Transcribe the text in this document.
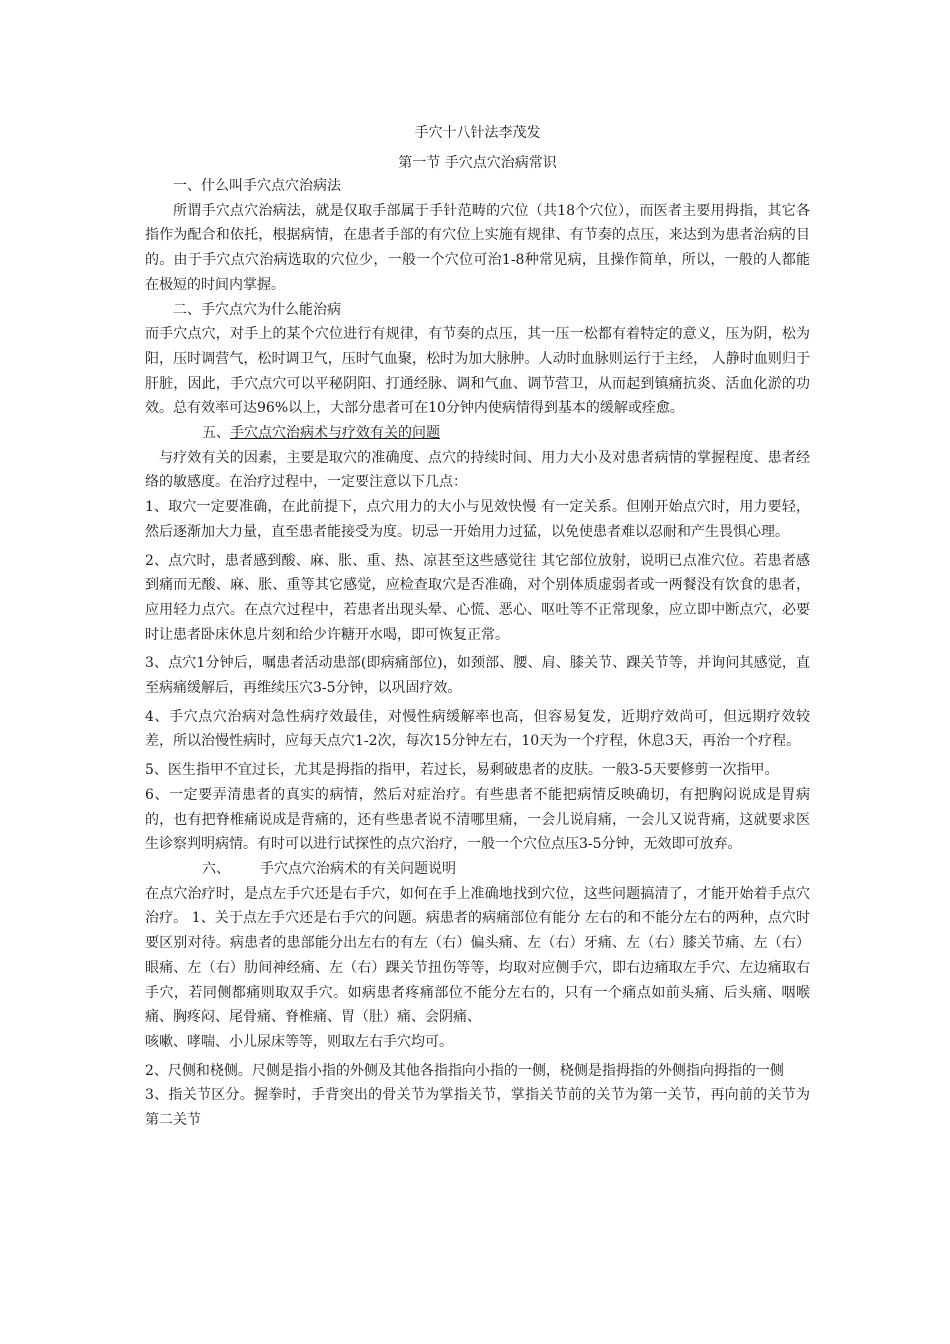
手穴十八针法李茂发

第一节 手穴点穴治病常识

一、什么叫手穴点穴治病法

所谓手穴点穴治病法，就是仅取手部属于手针范畴的穴位（共18个穴位），而医者主要用拇指，其它各指作为配合和依托，根据病情，在患者手部的有穴位上实施有规律、有节奏的点压，来达到为患者治病的目的。由于手穴点穴治病选取的穴位少，一般一个穴位可治1-8种常见病，且操作简单，所以，一般的人都能在极短的时间内掌握。

二、手穴点穴为什么能治病

而手穴点穴，对手上的某个穴位进行有规律，有节奏的点压，其一压一松都有着特定的意义，压为阴，松为阳，压时调营气，松时调卫气，压时气血聚，松时为加大脉肿。人动时血脉则运行于主经， 人静时血则归于肝脏，因此，手穴点穴可以平秘阴阳、打通经脉、调和气血、调节营卫，从而起到镇痛抗炎、活血化淤的功效。总有效率可达96%以上，大部分患者可在10分钟内使病情得到基本的缓解或痊愈。

五、手穴点穴治病术与疗效有关的问题

与疗效有关的因素，主要是取穴的准确度、点穴的持续时间、用力大小及对患者病情的掌握程度、患者经络的敏感度。在治疗过程中，一定要注意以下几点：

1、取穴一定要准确，在此前提下，点穴用力的大小与见效快慢 有一定关系。但刚开始点穴时，用力要轻，然后逐渐加大力量，直至患者能接受为度。切忌一开始用力过猛，以免使患者难以忍耐和产生畏惧心理。

2、点穴时，患者感到酸、麻、胀、重、热、凉甚至这些感觉往 其它部位放射，说明已点准穴位。若患者感到痛而无酸、麻、胀、重等其它感觉，应检查取穴是否准确，对个别体质虚弱者或一两餐没有饮食的患者，应用轻力点穴。在点穴过程中，若患者出现头晕、心慌、恶心、呕吐等不正常现象，应立即中断点穴，必要时让患者卧床休息片刻和给少许糖开水喝，即可恢复正常。

3、点穴1分钟后，嘱患者活动患部(即病痛部位)，如颈部、腰、肩、膝关节、踝关节等，并询问其感觉，直至病痛缓解后，再维续压穴3-5分钟，以巩固疗效。

4、手穴点穴治病对急性病疗效最佳，对慢性病缓解率也高，但容易复发，近期疗效尚可，但远期疗效较差，所以治慢性病时，应每天点穴1-2次，每次15分钟左右，10天为一个疗程，休息3天，再治一个疗程。

5、医生指甲不宜过长，尤其是拇指的指甲，若过长，易剩破患者的皮肤。一般3-5天要修剪一次指甲。

6、一定要弄清患者的真实的病情，然后对症治疗。有些患者不能把病情反映确切，有把胸闷说成是胃病的，也有把脊椎痛说成是背痛的，还有些患者说不清哪里痛，一会儿说肩痛，一会儿又说背痛，这就要求医生诊察判明病情。有时可以进行试探性的点穴治疗，一般一个穴位点压3-5分钟，无效即可放弃。

六、 手穴点穴治病术的有关问题说明

在点穴治疗时，是点左手穴还是右手穴，如何在手上准确地找到穴位，这些问题搞清了，才能开始着手点穴治疗。 1、关于点左手穴还是右手穴的问题。病患者的病痛部位有能分 左右的和不能分左右的两种，点穴时要区别对待。病患者的患部能分出左右的有左（右）偏头痛、左（右）牙痛、左（右）膝关节痛、左（右）眼痛、左（右）肋间神经痛、左（右）踝关节扭伤等等，均取对应侧手穴，即右边痛取左手穴、左边痛取右手穴，若同侧都痛则取双手穴。如病患者疼痛部位不能分左右的，只有一个痛点如前头痛、后头痛、咽喉痛、胸疼闷、尾骨痛、脊椎痛、胃（肚）痛、会阴痛、

咳嗽、哮喘、小儿尿床等等，则取左右手穴均可。

2、尺侧和桡侧。尺侧是指小指的外侧及其他各指指向小指的一侧，桡侧是指拇指的外侧指向拇指的一侧

3、指关节区分。握拳时，手背突出的骨关节为掌指关节，掌指关节前的关节为第一关节，再向前的关节为第二关节
